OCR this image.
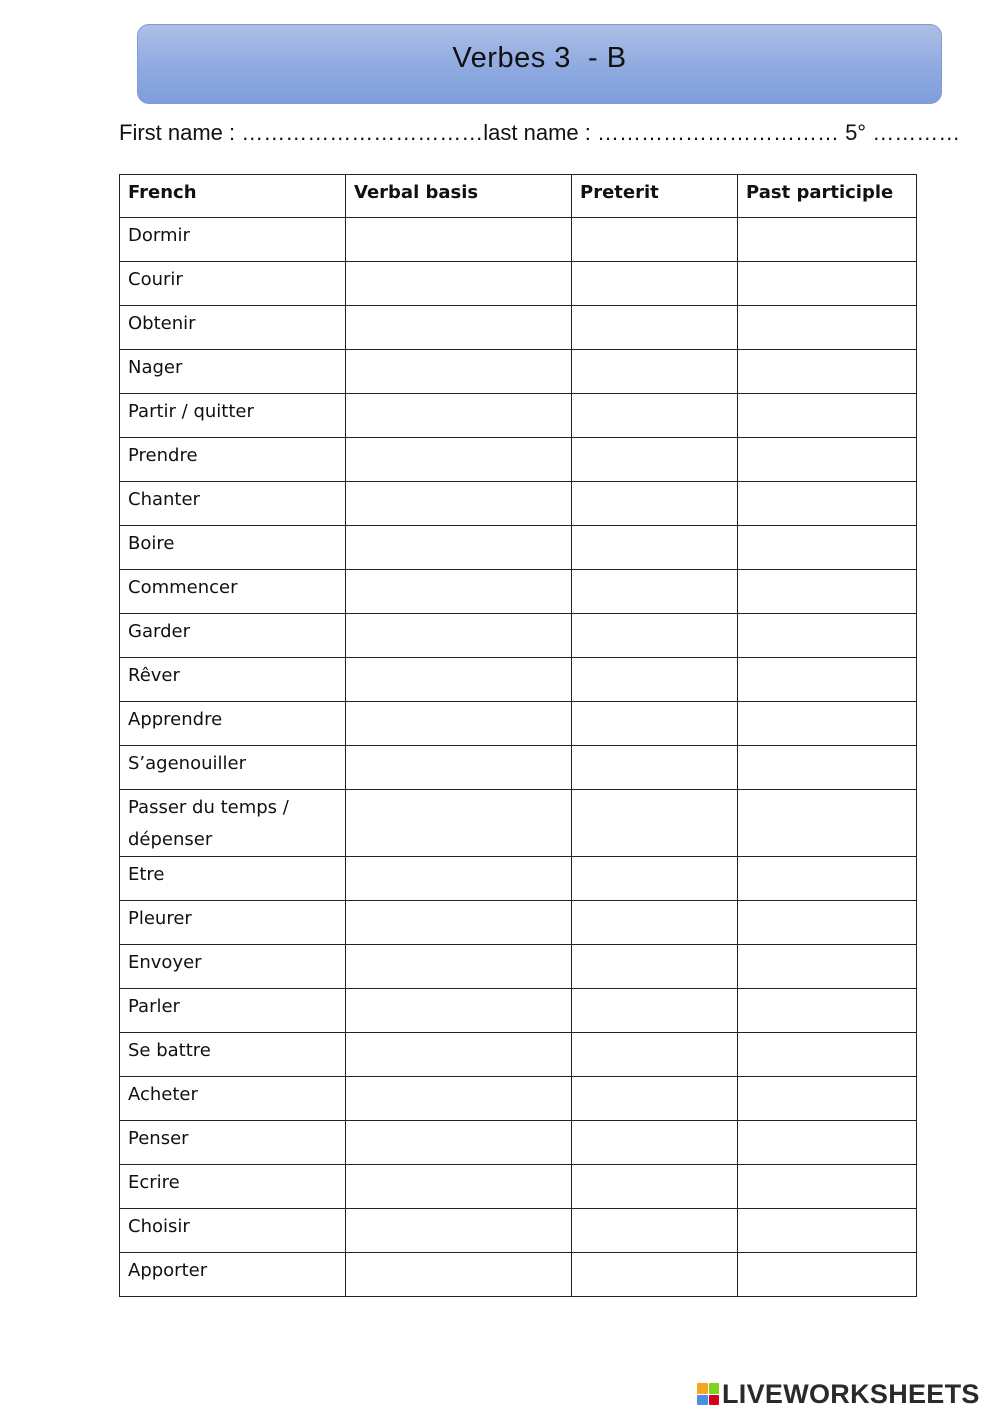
Verbes 3  - B
First name : ……………………………last name : …………………………… 5° …………
French	Verbal basis	Preterit	Past participle
Dormir			
Courir			
Obtenir			
Nager			
Partir / quitter			
Prendre			
Chanter			
Boire			
Commencer			
Garder			
Rêver			
Apprendre			
S’agenouiller			
Passer du temps / dépenser			
Etre			
Pleurer			
Envoyer			
Parler			
Se battre			
Acheter			
Penser			
Ecrire			
Choisir			
Apporter			
LIVEWORKSHEETS
